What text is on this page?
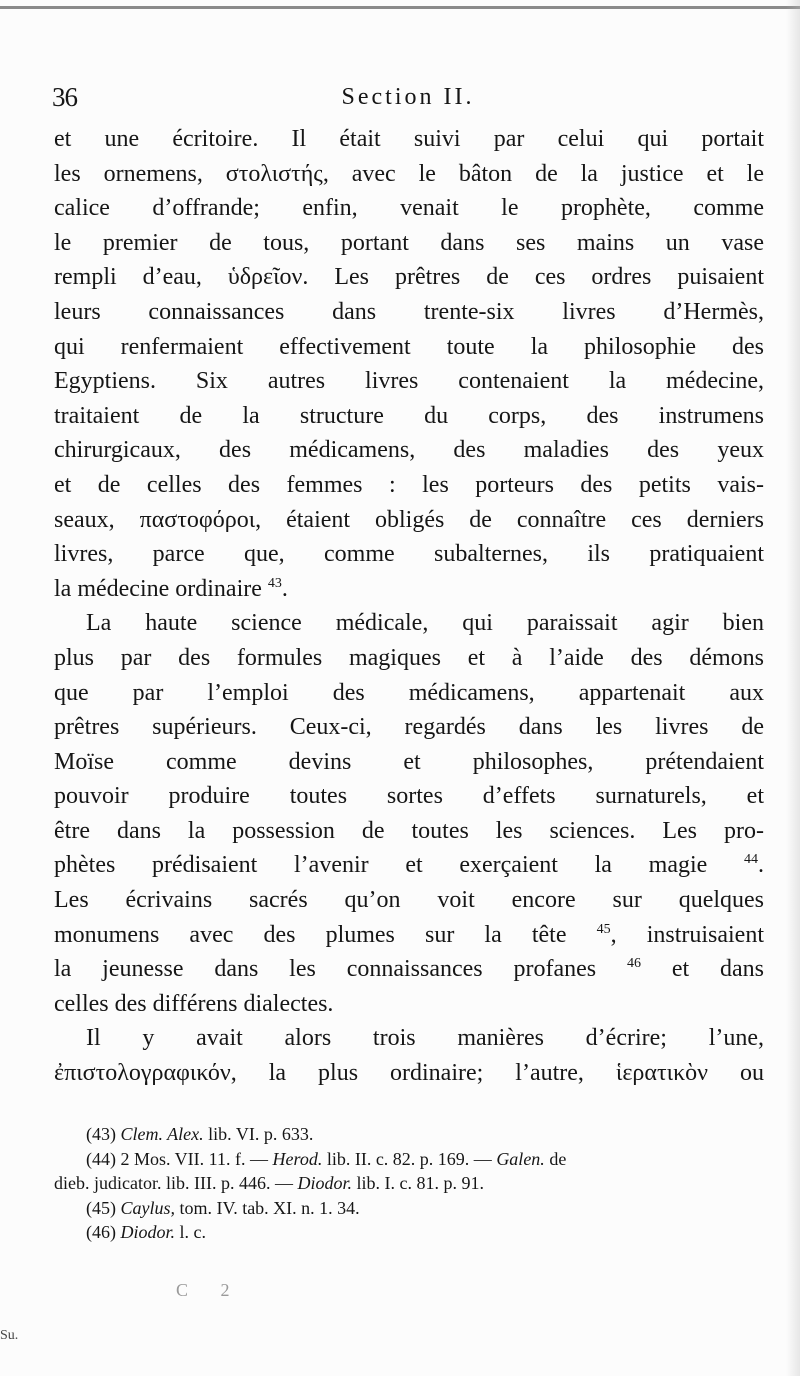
36	Section II.
et une écritoire. Il était suivi par celui qui portait
les ornemens, στολιστής, avec le bâton de la justice et le
calice d’offrande; enfin, venait le prophète, comme
le premier de tous, portant dans ses mains un vase
rempli d’eau, ὑδρεῖον. Les prêtres de ces ordres puisaient
leurs connaissances dans trente-six livres d’Hermès,
qui renfermaient effectivement toute la philosophie des
Egyptiens. Six autres livres contenaient la médecine,
traitaient de la structure du corps, des instrumens
chirurgicaux, des médicamens, des maladies des yeux
et de celles des femmes : les porteurs des petits vais-
seaux, παστοφόροι, étaient obligés de connaître ces derniers
livres, parce que, comme subalternes, ils pratiquaient
la médecine ordinaire $^{43}$.
La haute science médicale, qui paraissait agir bien
plus par des formules magiques et à l’aide des démons
que par l’emploi des médicamens, appartenait aux
prêtres supérieurs. Ceux-ci, regardés dans les livres de
Moïse comme devins et philosophes, prétendaient
pouvoir produire toutes sortes d’effets surnaturels, et
être dans la possession de toutes les sciences. Les pro-
phètes prédisaient l’avenir et exerçaient la magie	$^{44}$.
Les écrivains sacrés qu’on voit encore sur quelques
monumens avec des plumes sur la tête $^{45}$, instruisaient
la jeunesse dans les connaissances profanes $^{46}$ et dans
celles des différens dialectes.
Il y avait alors trois manières d’écrire; l’une,
ἐπιστολογραφικόν, la plus ordinaire; l’autre, ἱερατικὸν ou
(43) Clem. Alex. lib. VI. p. 633.
(44) 2 Mos. VII. 11. f. — Herod. lib. II. c. 82. p. 169. — Galen. de
dieb. judicator. lib. III. p. 446. — Diodor. lib. I. c. 81. p. 91.
(45) Caylus, tom. IV. tab. XI. n. 1. 34.
(46) Diodor. l. c.
C 2
Su.
